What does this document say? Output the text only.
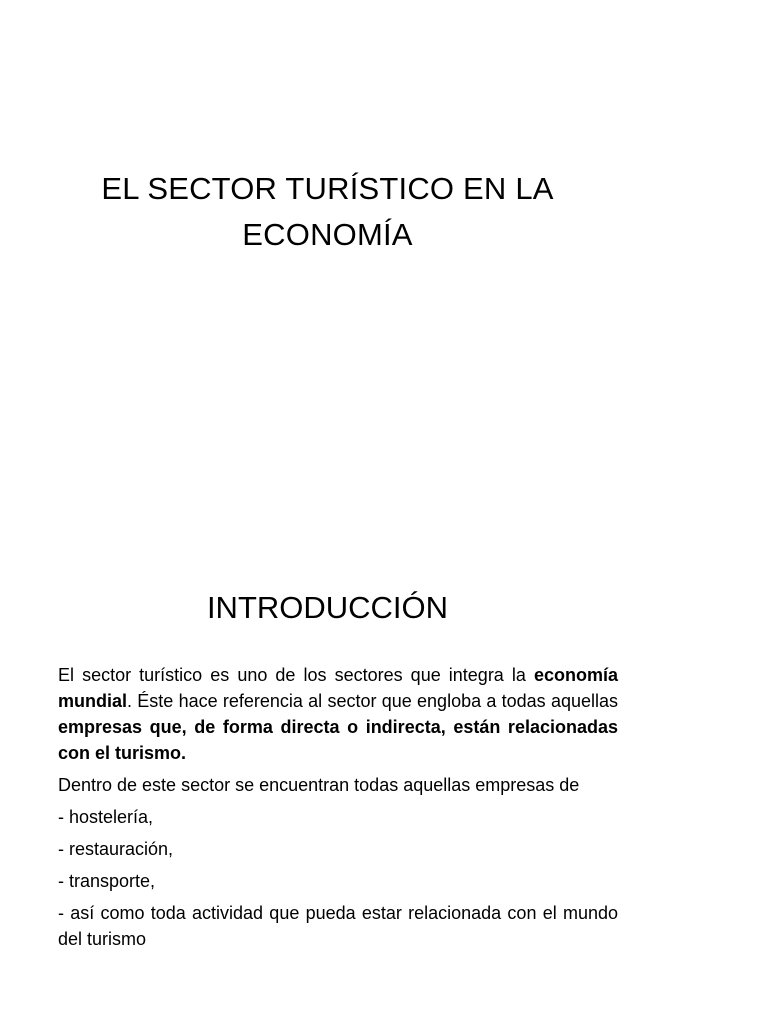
EL SECTOR TURÍSTICO EN LA
ECONOMÍA
INTRODUCCIÓN

El sector turístico es uno de los sectores que integra la economía mundial. Éste hace referencia al sector que engloba a todas aquellas empresas que, de forma directa o indirecta, están relacionadas con el turismo.

Dentro de este sector se encuentran todas aquellas empresas de

- hostelería,

- restauración,

- transporte,

- así como toda actividad que pueda estar relacionada con el mundo del turismo
